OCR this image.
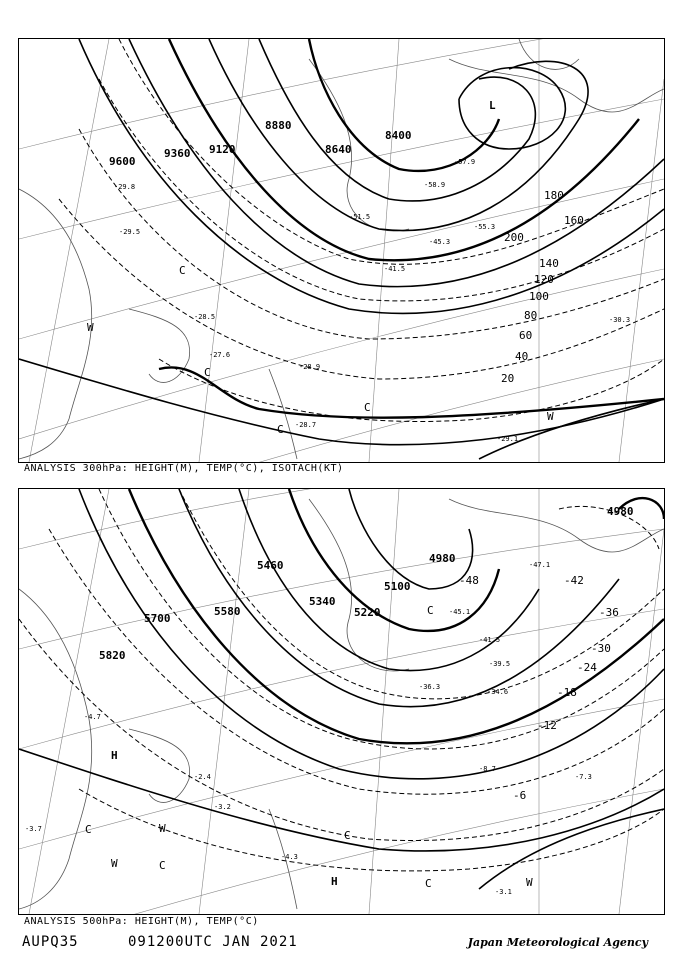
9600
9360 9120
8880
8640
8400
20
40
60
80
100
120
140
160
180
200
L
W
C
C
C
W
C
-29.8
-28.5
-29.5
-41.5
-45.3
-51.5
-55.3
-57.9
-58.9
-30.3
-29.1
-28.7
-27.6
-28.9
ANALYSIS 300hPa: HEIGHT(M), TEMP(°C), ISOTACH(KT)
5820
5700
5580
5460
5340
5220
5100
4980
4980
-48	-42
-36
-30
-24
-18
-12
-6
H
H
W
C	W
C
C
C	W
C
-3.7
-4.7
-2.4
-3.2
-4.3
-3.1
-7.3
-8.7
-36.3
-41.5
-45.1
-47.1
-39.5
-34.6
ANALYSIS 500hPa: HEIGHT(M), TEMP(°C)
AUPQ35	091200UTC JAN 2021	Japan Meteorological Agency
